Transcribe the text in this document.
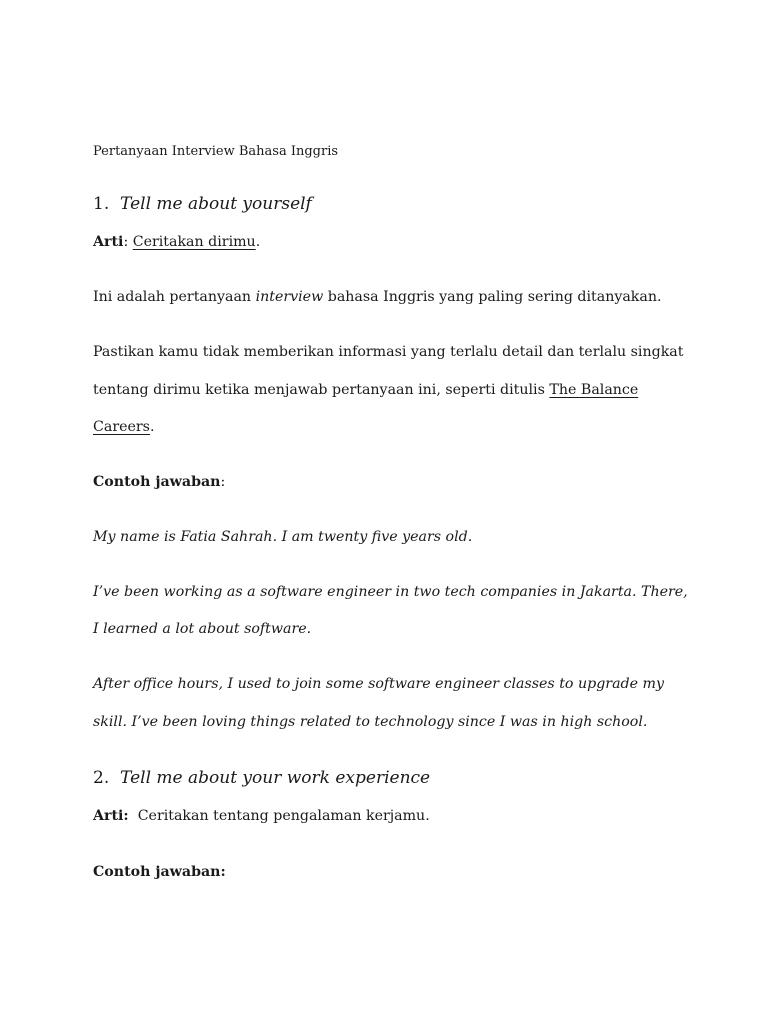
Pertanyaan Interview Bahasa Inggris

1. Tell me about yourself

Arti: Ceritakan dirimu.

Ini adalah pertanyaan interview bahasa Inggris yang paling sering ditanyakan.

Pastikan kamu tidak memberikan informasi yang terlalu detail dan terlalu singkat

tentang dirimu ketika menjawab pertanyaan ini, seperti ditulis The Balance

Careers.

Contoh jawaban:

My name is Fatia Sahrah. I am twenty five years old.

I’ve been working as a software engineer in two tech companies in Jakarta. There,

I learned a lot about software.

After office hours, I used to join some software engineer classes to upgrade my

skill. I’ve been loving things related to technology since I was in high school.

2. Tell me about your work experience

Arti: Ceritakan tentang pengalaman kerjamu.

Contoh jawaban:
